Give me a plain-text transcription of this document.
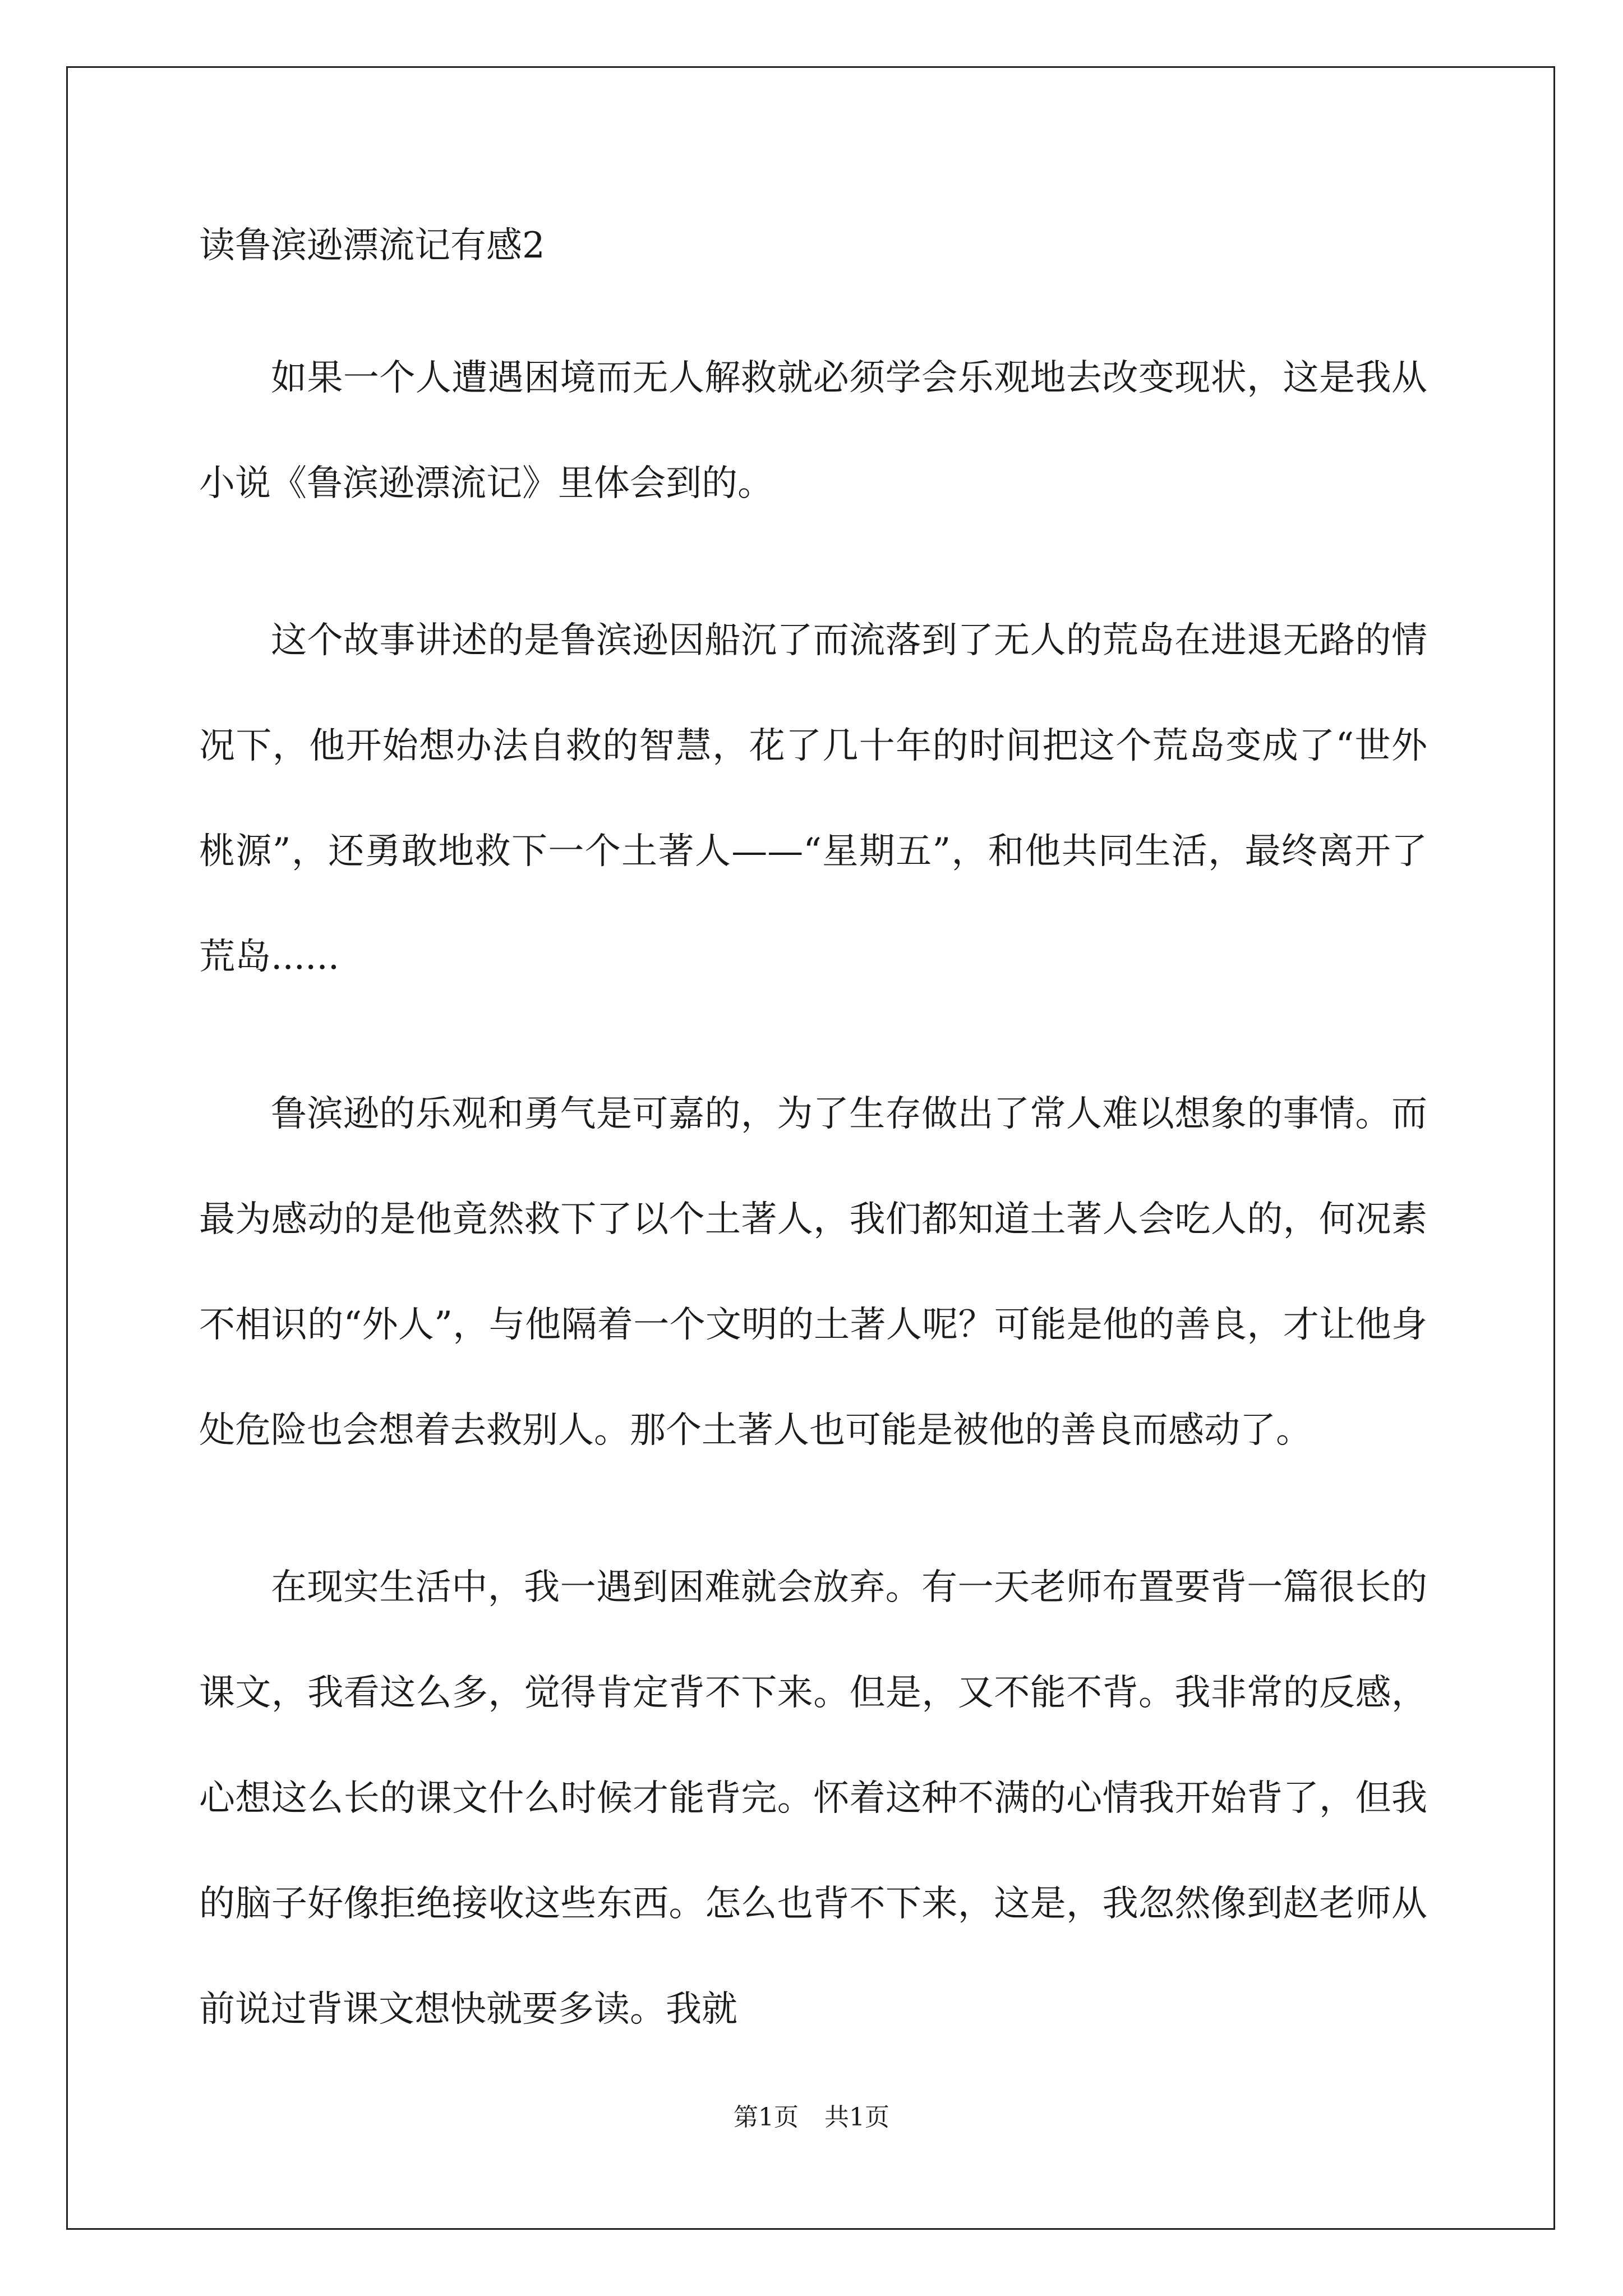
读鲁滨逊漂流记有感2

如果一个人遭遇困境而无人解救就必须学会乐观地去改变现状，这是我从小说《鲁滨逊漂流记》里体会到的。

这个故事讲述的是鲁滨逊因船沉了而流落到了无人的荒岛在进退无路的情况下，他开始想办法自救的智慧，花了几十年的时间把这个荒岛变成了“世外桃源”，还勇敢地救下一个土著人——“星期五”，和他共同生活，最终离开了荒岛......

鲁滨逊的乐观和勇气是可嘉的，为了生存做出了常人难以想象的事情。而最为感动的是他竟然救下了以个土著人，我们都知道土著人会吃人的，何况素不相识的“外人”，与他隔着一个文明的土著人呢？可能是他的善良，才让他身处危险也会想着去救别人。那个土著人也可能是被他的善良而感动了。

在现实生活中，我一遇到困难就会放弃。有一天老师布置要背一篇很长的课文，我看这么多，觉得肯定背不下来。但是，又不能不背。我非常的反感，心想这么长的课文什么时候才能背完。怀着这种不满的心情我开始背了，但我的脑子好像拒绝接收这些东西。怎么也背不下来，这是，我忽然像到赵老师从前说过背课文想快就要多读。我就

第1页 共1页
